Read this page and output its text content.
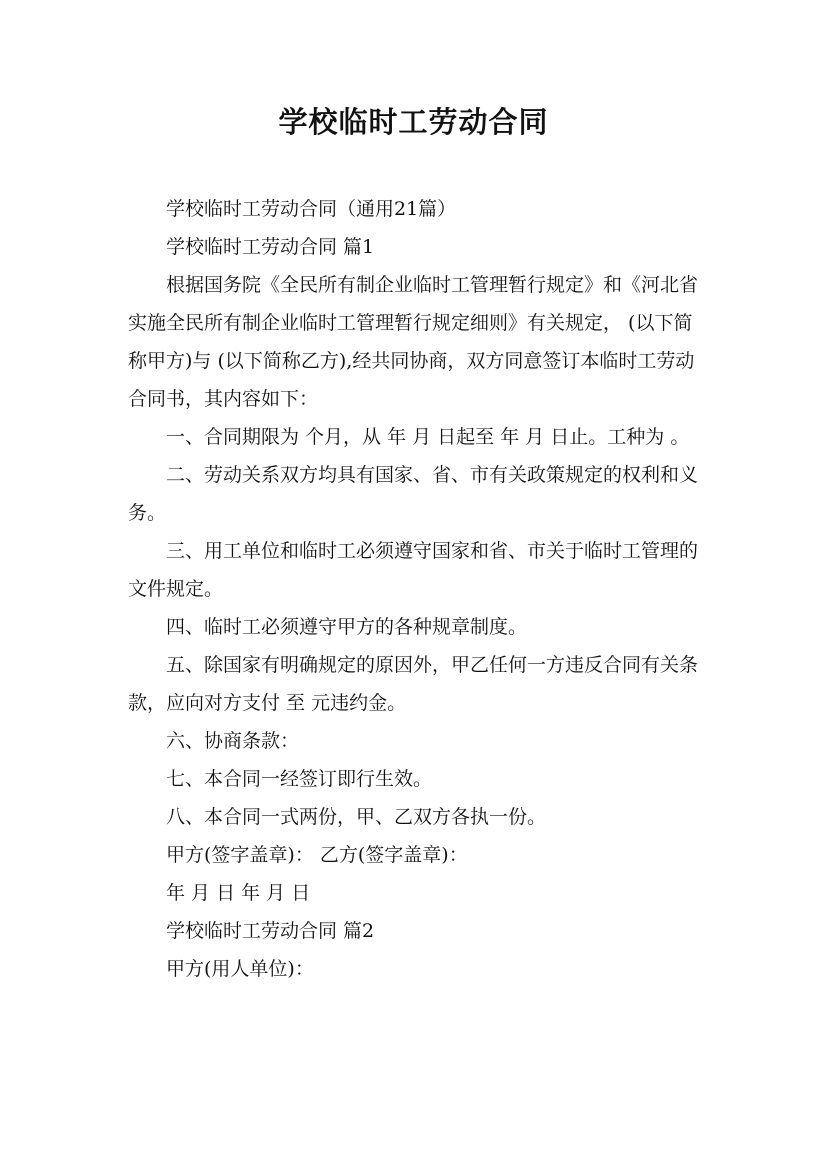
学校临时工劳动合同

学校临时工劳动合同（通用21篇）

学校临时工劳动合同 篇1

根据国务院《全民所有制企业临时工管理暂行规定》和《河北省实施全民所有制企业临时工管理暂行规定细则》有关规定， (以下简称甲方)与 (以下简称乙方),经共同协商，双方同意签订本临时工劳动合同书，其内容如下：

一、合同期限为 个月，从 年 月 日起至 年 月 日止。工种为 。

二、劳动关系双方均具有国家、省、市有关政策规定的权利和义务。

三、用工单位和临时工必须遵守国家和省、市关于临时工管理的文件规定。

四、临时工必须遵守甲方的各种规章制度。

五、除国家有明确规定的原因外，甲乙任何一方违反合同有关条款，应向对方支付 至 元违约金。

六、协商条款：

七、本合同一经签订即行生效。

八、本合同一式两份，甲、乙双方各执一份。

甲方(签字盖章)： 乙方(签字盖章)：

年 月 日 年 月 日

学校临时工劳动合同 篇2

甲方(用人单位)：
